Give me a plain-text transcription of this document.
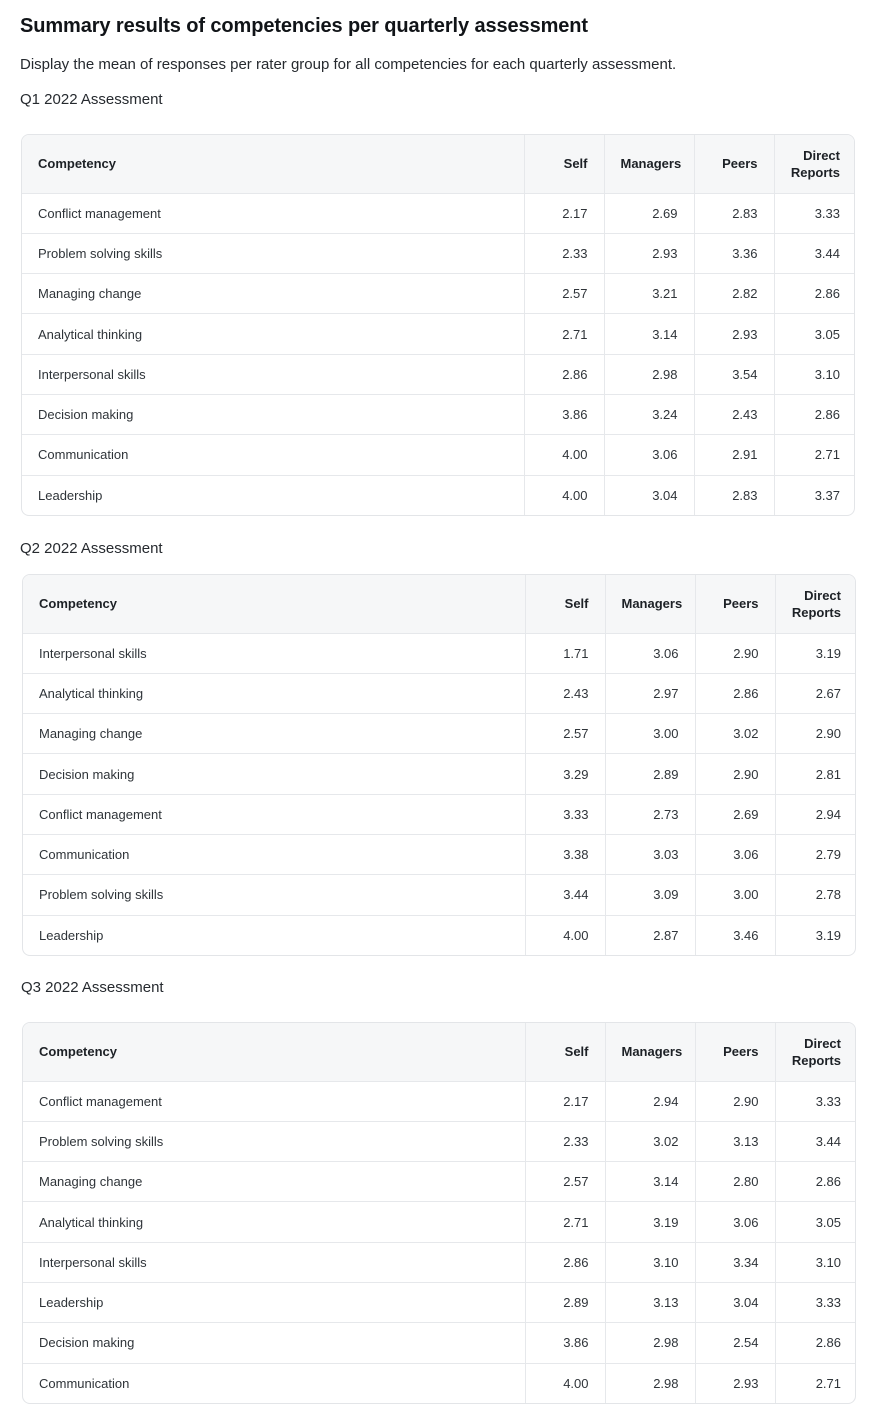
Summary results of competencies per quarterly assessment

Display the mean of responses per rater group for all competencies for each quarterly assessment.

Q1 2022 Assessment
Competency	Self	Managers	Peers	Direct Reports
Conflict management	2.17	2.69	2.83	3.33
Problem solving skills	2.33	2.93	3.36	3.44
Managing change	2.57	3.21	2.82	2.86
Analytical thinking	2.71	3.14	2.93	3.05
Interpersonal skills	2.86	2.98	3.54	3.10
Decision making	3.86	3.24	2.43	2.86
Communication	4.00	3.06	2.91	2.71
Leadership	4.00	3.04	2.83	3.37
Q2 2022 Assessment
Competency	Self	Managers	Peers	Direct Reports
Interpersonal skills	1.71	3.06	2.90	3.19
Analytical thinking	2.43	2.97	2.86	2.67
Managing change	2.57	3.00	3.02	2.90
Decision making	3.29	2.89	2.90	2.81
Conflict management	3.33	2.73	2.69	2.94
Communication	3.38	3.03	3.06	2.79
Problem solving skills	3.44	3.09	3.00	2.78
Leadership	4.00	2.87	3.46	3.19
Q3 2022 Assessment
Competency	Self	Managers	Peers	Direct Reports
Conflict management	2.17	2.94	2.90	3.33
Problem solving skills	2.33	3.02	3.13	3.44
Managing change	2.57	3.14	2.80	2.86
Analytical thinking	2.71	3.19	3.06	3.05
Interpersonal skills	2.86	3.10	3.34	3.10
Leadership	2.89	3.13	3.04	3.33
Decision making	3.86	2.98	2.54	2.86
Communication	4.00	2.98	2.93	2.71
